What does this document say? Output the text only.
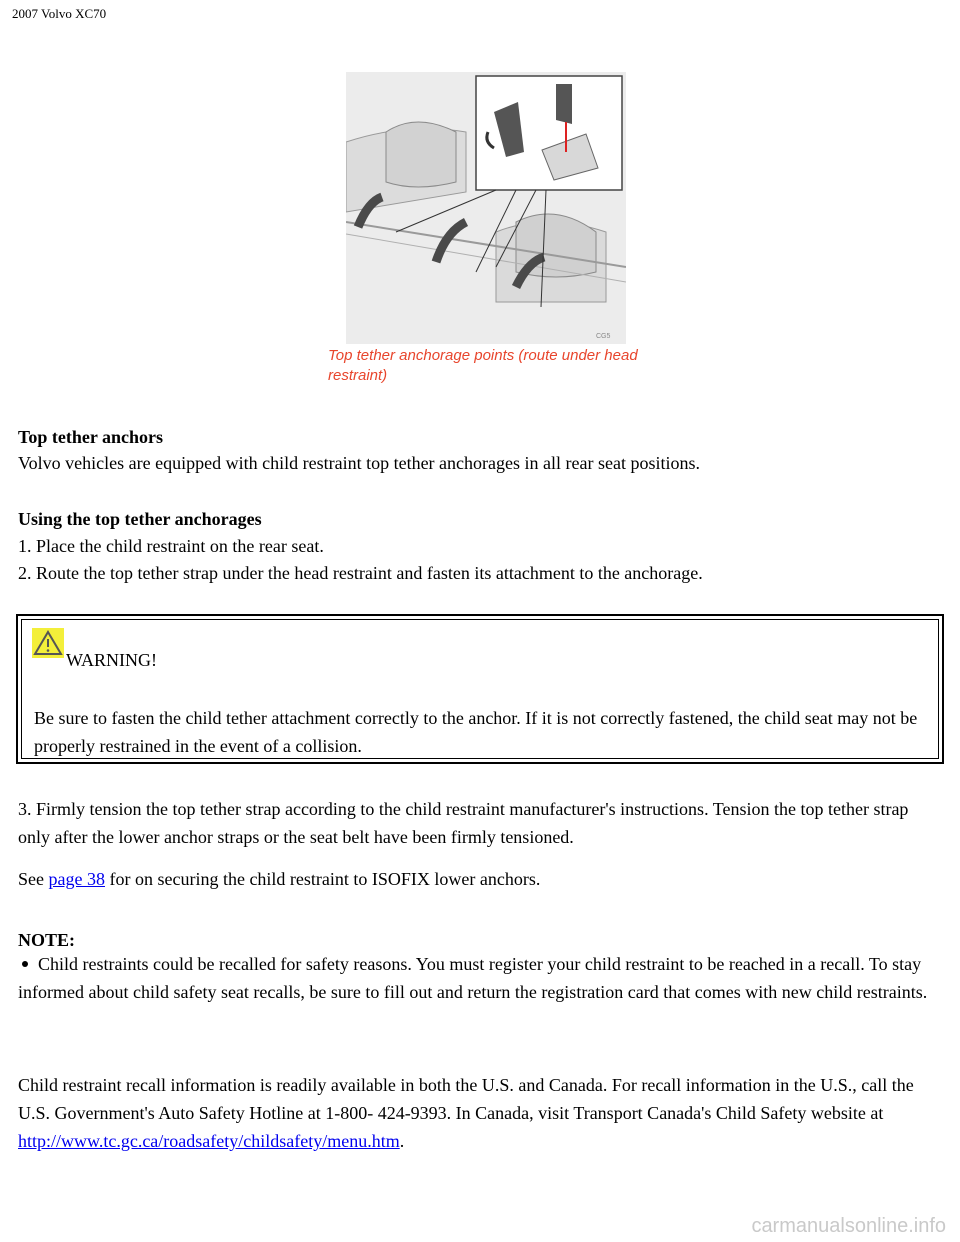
2007 Volvo XC70
CG5
Top tether anchorage points (route under head restraint)

Top tether anchors

Volvo vehicles are equipped with child restraint top tether anchorages in all rear seat positions.

Using the top tether anchorages

1. Place the child restraint on the rear seat.

2. Route the top tether strap under the head restraint and fasten its attachment to the anchorage.

WARNING!

Be sure to fasten the child tether attachment correctly to the anchor. If it is not correctly fastened, the child seat may not be properly restrained in the event of a collision.

3. Firmly tension the top tether strap according to the child restraint manufacturer's instructions. Tension the top tether strap only after the lower anchor straps or the seat belt have been firmly tensioned.

See page 38 for on securing the child restraint to ISOFIX lower anchors.

NOTE:

Child restraints could be recalled for safety reasons. You must register your child restraint to be reached in a recall. To stay informed about child safety seat recalls, be sure to fill out and return the registration card that comes with new child restraints.

Child restraint recall information is readily available in both the U.S. and Canada. For recall information in the U.S., call the U.S. Government's Auto Safety Hotline at 1-800- 424-9393. In Canada, visit Transport Canada's Child Safety website at http://www.tc.gc.ca/roadsafety/childsafety/menu.htm.

carmanualsonline.info
